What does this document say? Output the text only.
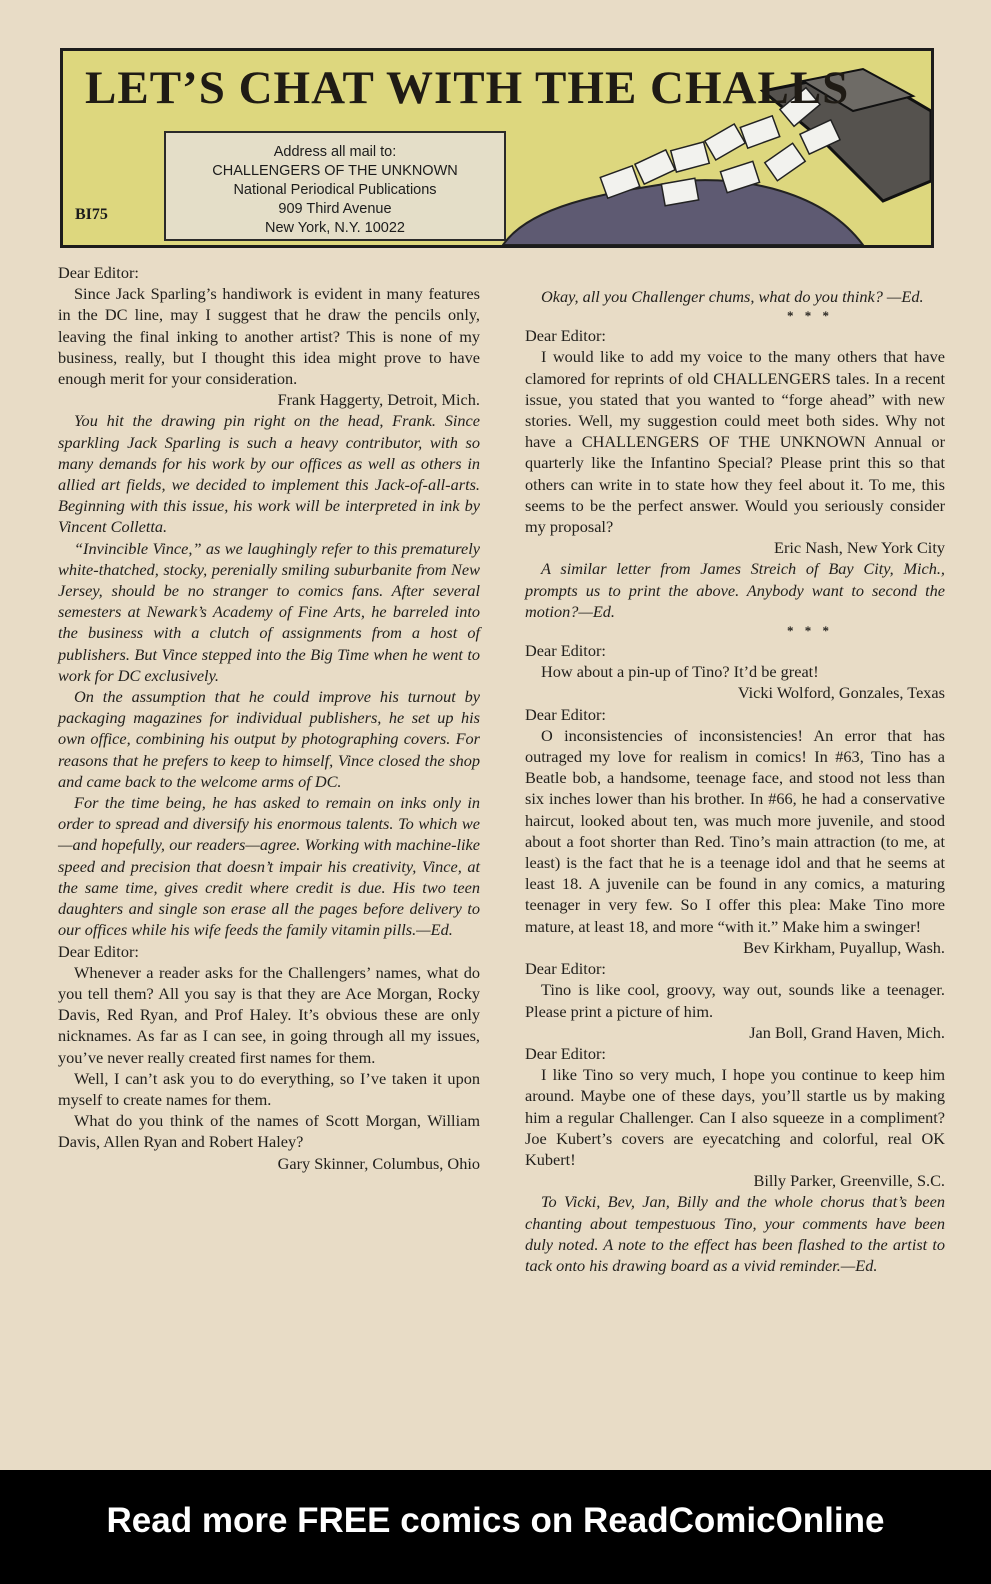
LET’S CHAT WITH THE CHALLS
Address all mail to:
CHALLENGERS OF THE UNKNOWN
National Periodical Publications
909 Third Avenue
New York, N.Y. 10022
BI75

Dear Editor:

Since Jack Sparling’s handiwork is evident in many features in the DC line, may I suggest that he draw the pencils only, leaving the final inking to another artist? This is none of my business, really, but I thought this idea might prove to have enough merit for your consideration.

Frank Haggerty, Detroit, Mich.

You hit the drawing pin right on the head, Frank. Since sparkling Jack Sparling is such a heavy contributor, with so many demands for his work by our offices as well as others in allied art fields, we decided to implement this Jack-of-all-arts. Beginning with this issue, his work will be interpreted in ink by Vincent Colletta.

“Invincible Vince,” as we laughingly refer to this prematurely white-thatched, stocky, perenially smiling suburbanite from New Jersey, should be no stranger to comics fans. After several semesters at Newark’s Academy of Fine Arts, he barreled into the business with a clutch of assignments from a host of publishers. But Vince stepped into the Big Time when he went to work for DC exclusively.

On the assumption that he could improve his turnout by packaging magazines for individual publishers, he set up his own office, combining his output by photographing covers. For reasons that he prefers to keep to himself, Vince closed the shop and came back to the welcome arms of DC.

For the time being, he has asked to remain on inks only in order to spread and diversify his enormous talents. To which we—and hopefully, our readers—agree. Working with machine-like speed and precision that doesn’t impair his creativity, Vince, at the same time, gives credit where credit is due. His two teen daughters and single son erase all the pages before delivery to our offices while his wife feeds the family vitamin pills.—Ed.

Dear Editor:

Whenever a reader asks for the Challengers’ names, what do you tell them? All you say is that they are Ace Morgan, Rocky Davis, Red Ryan, and Prof Haley. It’s obvious these are only nicknames. As far as I can see, in going through all my issues, you’ve never really created first names for them.

Well, I can’t ask you to do everything, so I’ve taken it upon myself to create names for them.

What do you think of the names of Scott Morgan, William Davis, Allen Ryan and Robert Haley?

Gary Skinner, Columbus, Ohio

Okay, all you Challenger chums, what do you think? —Ed.

* * *

Dear Editor:

I would like to add my voice to the many others that have clamored for reprints of old CHALLENGERS tales. In a recent issue, you stated that you wanted to “forge ahead” with new stories. Well, my suggestion could meet both sides. Why not have a CHALLENGERS OF THE UNKNOWN Annual or quarterly like the Infantino Special? Please print this so that others can write in to state how they feel about it. To me, this seems to be the perfect answer. Would you seriously consider my proposal?

Eric Nash, New York City

A similar letter from James Streich of Bay City, Mich., prompts us to print the above. Anybody want to second the motion?—Ed.

* * *

Dear Editor:

How about a pin-up of Tino? It’d be great!

Vicki Wolford, Gonzales, Texas

Dear Editor:

O inconsistencies of inconsistencies! An error that has outraged my love for realism in comics! In #63, Tino has a Beatle bob, a handsome, teenage face, and stood not less than six inches lower than his brother. In #66, he had a conservative haircut, looked about ten, was much more juvenile, and stood about a foot shorter than Red. Tino’s main attraction (to me, at least) is the fact that he is a teenage idol and that he seems at least 18. A juvenile can be found in any comics, a maturing teenager in very few. So I offer this plea: Make Tino more mature, at least 18, and more “with it.” Make him a swinger!

Bev Kirkham, Puyallup, Wash.

Dear Editor:

Tino is like cool, groovy, way out, sounds like a teenager. Please print a picture of him.

Jan Boll, Grand Haven, Mich.

Dear Editor:

I like Tino so very much, I hope you continue to keep him around. Maybe one of these days, you’ll startle us by making him a regular Challenger. Can I also squeeze in a compliment? Joe Kubert’s covers are eyecatching and colorful, real OK Kubert!

Billy Parker, Greenville, S.C.

To Vicki, Bev, Jan, Billy and the whole chorus that’s been chanting about tempestuous Tino, your comments have been duly noted. A note to the effect has been flashed to the artist to tack onto his drawing board as a vivid reminder.—Ed.

Read more FREE comics on ReadComicOnline
